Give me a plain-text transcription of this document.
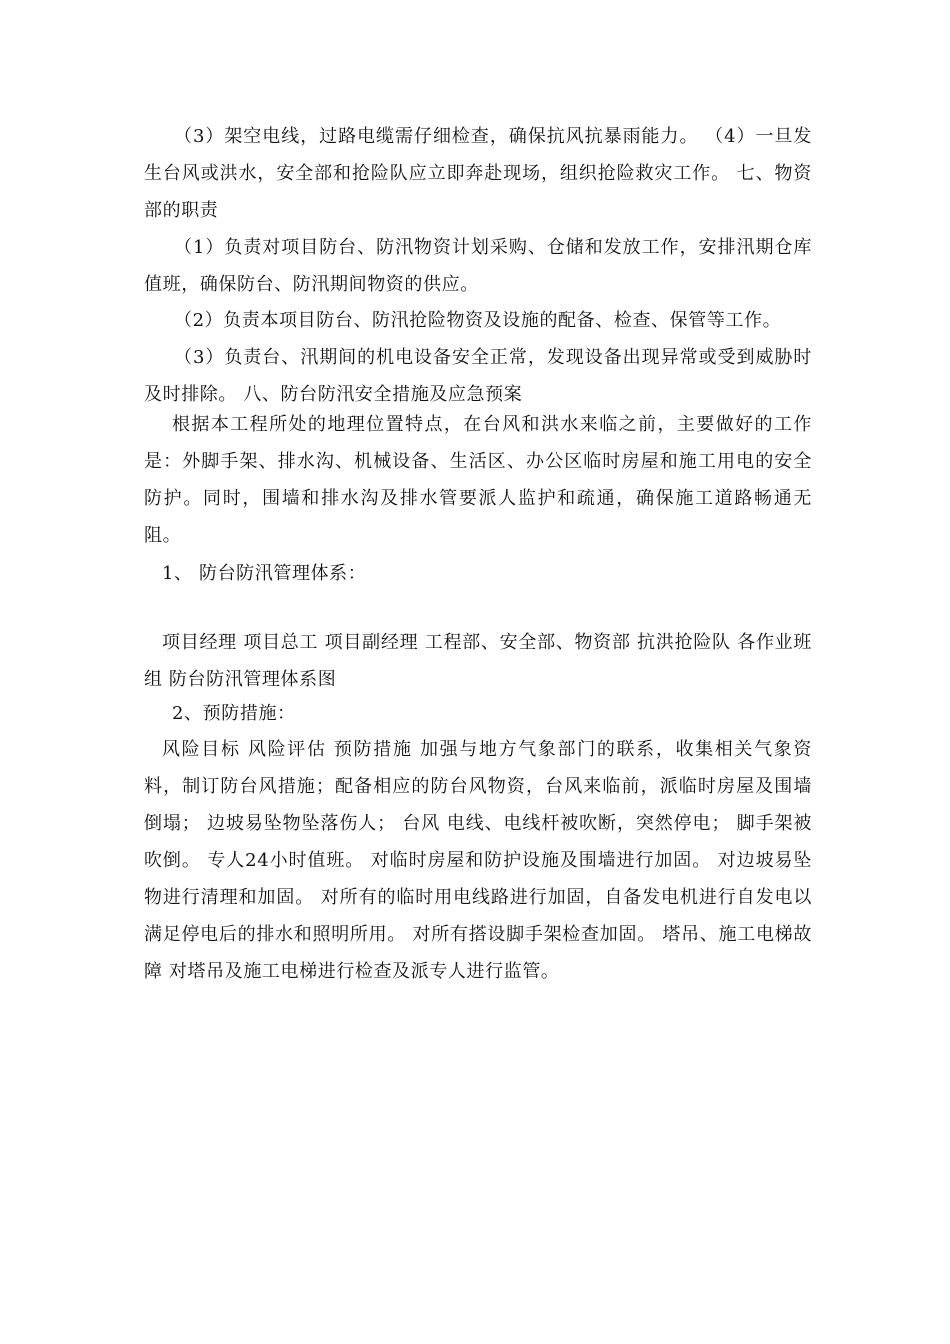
（3）架空电线，过路电缆需仔细检查，确保抗风抗暴雨能力。 （4）一旦发生台风或洪水，安全部和抢险队应立即奔赴现场，组织抢险救灾工作。 七、物资部的职责

（1）负责对项目防台、防汛物资计划采购、仓储和发放工作，安排汛期仓库值班，确保防台、防汛期间物资的供应。

（2）负责本项目防台、防汛抢险物资及设施的配备、检查、保管等工作。

（3）负责台、汛期间的机电设备安全正常，发现设备出现异常或受到威胁时及时排除。 八、防台防汛安全措施及应急预案

根据本工程所处的地理位置特点，在台风和洪水来临之前，主要做好的工作是：外脚手架、排水沟、机械设备、生活区、办公区临时房屋和施工用电的安全防护。同时，围墙和排水沟及排水管要派人监护和疏通，确保施工道路畅通无阻。

1、 防台防汛管理体系：

项目经理 项目总工 项目副经理 工程部、安全部、物资部 抗洪抢险队 各作业班组 防台防汛管理体系图

2、预防措施：

风险目标 风险评估 预防措施 加强与地方气象部门的联系，收集相关气象资料，制订防台风措施；配备相应的防台风物资，台风来临前，派临时房屋及围墙倒塌； 边坡易坠物坠落伤人； 台风 电线、电线杆被吹断，突然停电； 脚手架被吹倒。 专人24小时值班。 对临时房屋和防护设施及围墙进行加固。 对边坡易坠物进行清理和加固。 对所有的临时用电线路进行加固，自备发电机进行自发电以满足停电后的排水和照明所用。 对所有搭设脚手架检查加固。 塔吊、施工电梯故障 对塔吊及施工电梯进行检查及派专人进行监管。
